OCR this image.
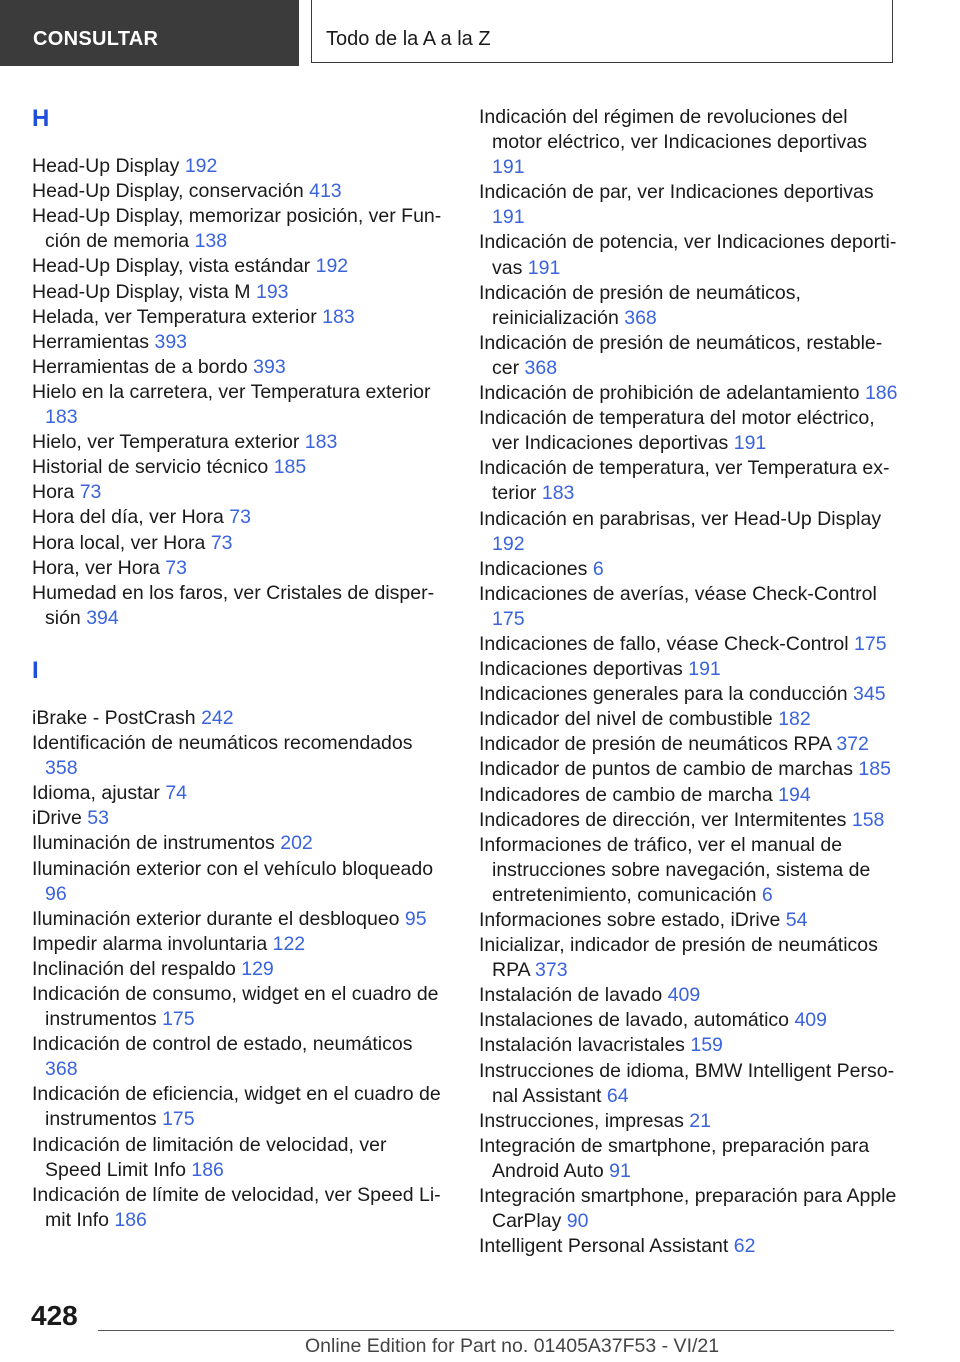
CONSULTAR	Todo de la A a la Z
H
Head-Up Display 192
Head-Up Display, conservación 413
Head-Up Display, memorizar posición, ver Función de memoria 138
Head-Up Display, vista estándar 192
Head-Up Display, vista M 193
Helada, ver Temperatura exterior 183
Herramientas 393
Herramientas de a bordo 393
Hielo en la carretera, ver Temperatura exterior 183
Hielo, ver Temperatura exterior 183
Historial de servicio técnico 185
Hora 73
Hora del día, ver Hora 73
Hora local, ver Hora 73
Hora, ver Hora 73
Humedad en los faros, ver Cristales de dispersión 394
I
iBrake - PostCrash 242
Identificación de neumáticos recomendados 358
Idioma, ajustar 74
iDrive 53
Iluminación de instrumentos 202
Iluminación exterior con el vehículo bloqueado 96
Iluminación exterior durante el desbloqueo 95
Impedir alarma involuntaria 122
Inclinación del respaldo 129
Indicación de consumo, widget en el cuadro de instrumentos 175
Indicación de control de estado, neumáticos 368
Indicación de eficiencia, widget en el cuadro de instrumentos 175
Indicación de limitación de velocidad, ver Speed Limit Info 186
Indicación de límite de velocidad, ver Speed Limit Info 186
Indicación del régimen de revoluciones del motor eléctrico, ver Indicaciones deportivas 191
Indicación de par, ver Indicaciones deportivas 191
Indicación de potencia, ver Indicaciones deportivas 191
Indicación de presión de neumáticos, reinicialización 368
Indicación de presión de neumáticos, restablecer 368
Indicación de prohibición de adelantamiento 186
Indicación de temperatura del motor eléctrico, ver Indicaciones deportivas 191
Indicación de temperatura, ver Temperatura exterior 183
Indicación en parabrisas, ver Head-Up Display 192
Indicaciones 6
Indicaciones de averías, véase Check-Control 175
Indicaciones de fallo, véase Check-Control 175
Indicaciones deportivas 191
Indicaciones generales para la conducción 345
Indicador del nivel de combustible 182
Indicador de presión de neumáticos RPA 372
Indicador de puntos de cambio de marchas 185
Indicadores de cambio de marcha 194
Indicadores de dirección, ver Intermitentes 158
Informaciones de tráfico, ver el manual de instrucciones sobre navegación, sistema de entretenimiento, comunicación 6
Informaciones sobre estado, iDrive 54
Inicializar, indicador de presión de neumáticos RPA 373
Instalación de lavado 409
Instalaciones de lavado, automático 409
Instalación lavacristales 159
Instrucciones de idioma, BMW Intelligent Personal Assistant 64
Instrucciones, impresas 21
Integración de smartphone, preparación para Android Auto 91
Integración smartphone, preparación para Apple CarPlay 90
Intelligent Personal Assistant 62
428
Online Edition for Part no. 01405A37F53 - VI/21
